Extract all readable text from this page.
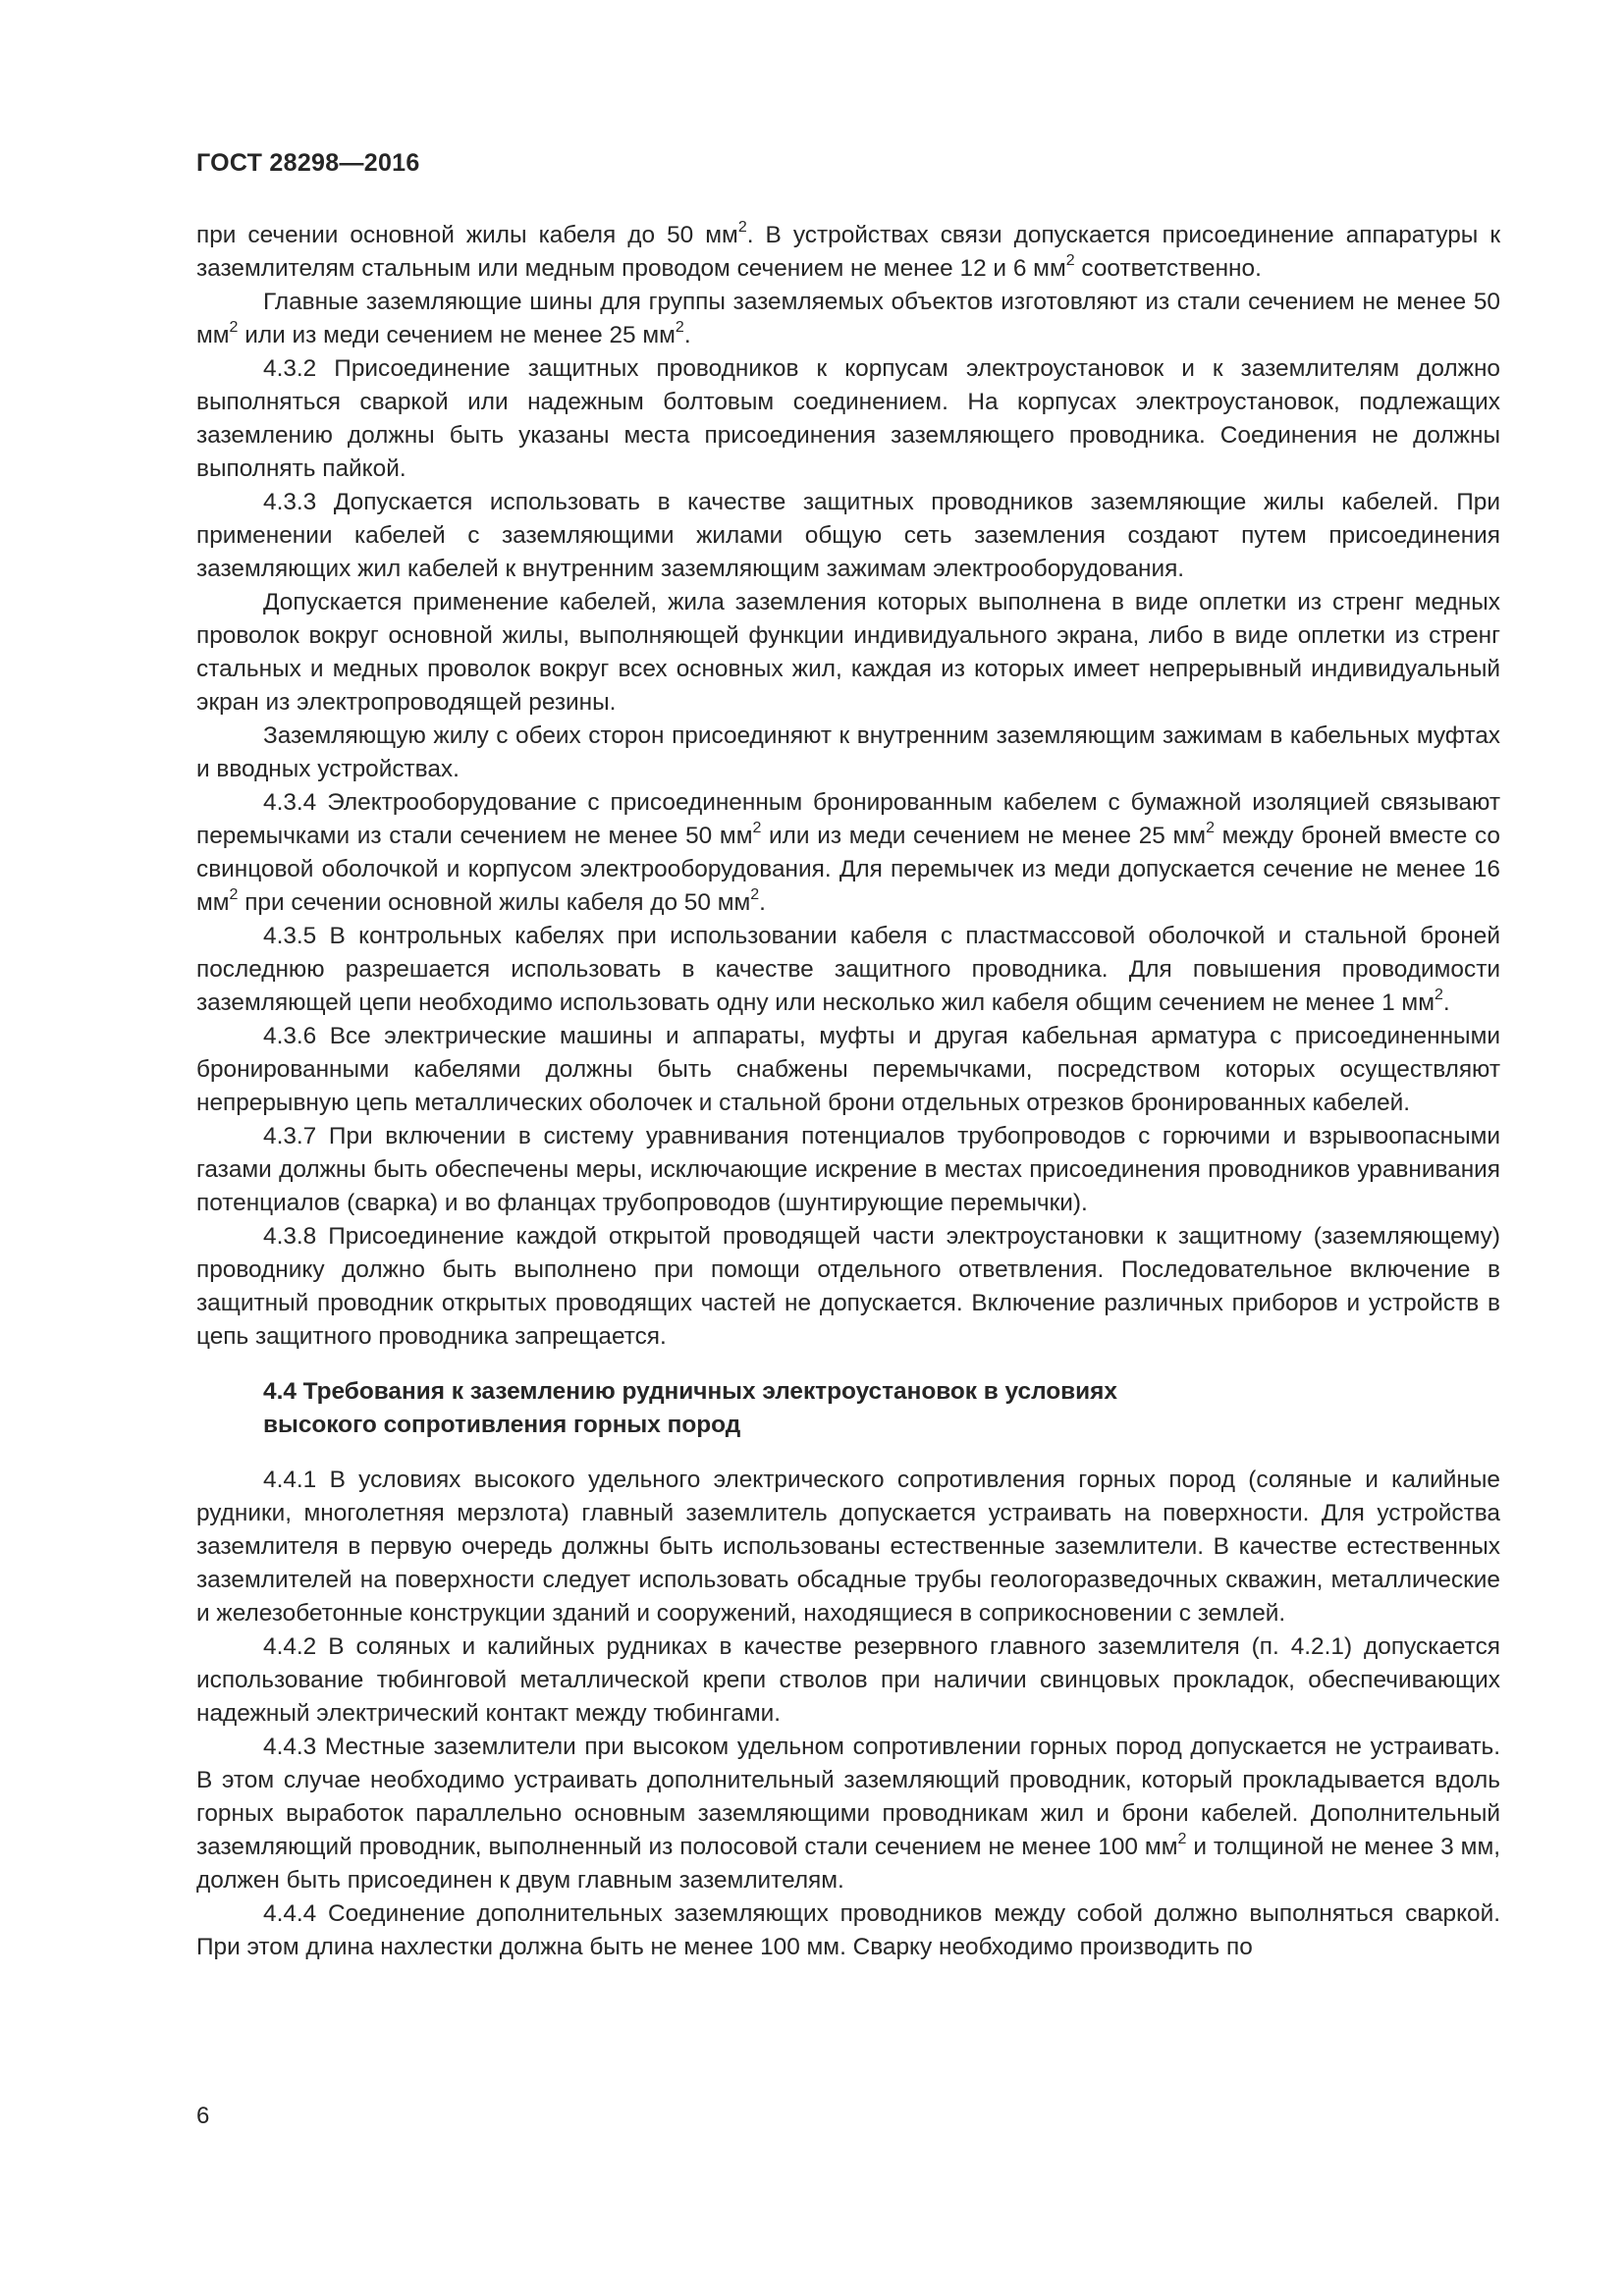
ГОСТ 28298—2016

при сечении основной жилы кабеля до 50 $мм^2$. В устройствах связи допускается присоединение аппаратуры к заземлителям стальным или медным проводом сечением не менее 12 и 6 $мм^2$ соответственно.

Главные заземляющие шины для группы заземляемых объектов изготовляют из стали сечением не менее 50 $мм^2$ или из меди сечением не менее 25 $мм^2$.

4.3.2 Присоединение защитных проводников к корпусам электроустановок и к заземлителям должно выполняться сваркой или надежным болтовым соединением. На корпусах электроустановок, подлежащих заземлению должны быть указаны места присоединения заземляющего проводника. Соединения не должны выполнять пайкой.

4.3.3 Допускается использовать в качестве защитных проводников заземляющие жилы кабелей. При применении кабелей с заземляющими жилами общую сеть заземления создают путем присоединения заземляющих жил кабелей к внутренним заземляющим зажимам электрооборудования.

Допускается применение кабелей, жила заземления которых выполнена в виде оплетки из стренг медных проволок вокруг основной жилы, выполняющей функции индивидуального экрана, либо в виде оплетки из стренг стальных и медных проволок вокруг всех основных жил, каждая из которых имеет непрерывный индивидуальный экран из электропроводящей резины.

Заземляющую жилу с обеих сторон присоединяют к внутренним заземляющим зажимам в кабельных муфтах и вводных устройствах.

4.3.4 Электрооборудование с присоединенным бронированным кабелем с бумажной изоляцией связывают перемычками из стали сечением не менее 50 $мм^2$ или из меди сечением не менее 25 $мм^2$ между броней вместе со свинцовой оболочкой и корпусом электрооборудования. Для перемычек из меди допускается сечение не менее 16 $мм^2$ при сечении основной жилы кабеля до 50 $мм^2$.

4.3.5 В контрольных кабелях при использовании кабеля с пластмассовой оболочкой и стальной броней последнюю разрешается использовать в качестве защитного проводника. Для повышения проводимости заземляющей цепи необходимо использовать одну или несколько жил кабеля общим сечением не менее 1 $мм^2$.

4.3.6 Все электрические машины и аппараты, муфты и другая кабельная арматура с присоединенными бронированными кабелями должны быть снабжены перемычками, посредством которых осуществляют непрерывную цепь металлических оболочек и стальной брони отдельных отрезков бронированных кабелей.

4.3.7 При включении в систему уравнивания потенциалов трубопроводов с горючими и взрывоопасными газами должны быть обеспечены меры, исключающие искрение в местах присоединения проводников уравнивания потенциалов (сварка) и во фланцах трубопроводов (шунтирующие перемычки).

4.3.8 Присоединение каждой открытой проводящей части электроустановки к защитному (заземляющему) проводнику должно быть выполнено при помощи отдельного ответвления. Последовательное включение в защитный проводник открытых проводящих частей не допускается. Включение различных приборов и устройств в цепь защитного проводника запрещается.

4.4 Требования к заземлению рудничных электроустановок в условиях
высокого сопротивления горных пород

4.4.1 В условиях высокого удельного электрического сопротивления горных пород (соляные и калийные рудники, многолетняя мерзлота) главный заземлитель допускается устраивать на поверхности. Для устройства заземлителя в первую очередь должны быть использованы естественные заземлители. В качестве естественных заземлителей на поверхности следует использовать обсадные трубы геологоразведочных скважин, металлические и железобетонные конструкции зданий и сооружений, находящиеся в соприкосновении с землей.

4.4.2 В соляных и калийных рудниках в качестве резервного главного заземлителя (п. 4.2.1) допускается использование тюбинговой металлической крепи стволов при наличии свинцовых прокладок, обеспечивающих надежный электрический контакт между тюбингами.

4.4.3 Местные заземлители при высоком удельном сопротивлении горных пород допускается не устраивать. В этом случае необходимо устраивать дополнительный заземляющий проводник, который прокладывается вдоль горных выработок параллельно основным заземляющими проводникам жил и брони кабелей. Дополнительный заземляющий проводник, выполненный из полосовой стали сечением не менее 100 $мм^2$ и толщиной не менее 3 мм, должен быть присоединен к двум главным заземлителям.

4.4.4 Соединение дополнительных заземляющих проводников между собой должно выполняться сваркой. При этом длина нахлестки должна быть не менее 100 мм. Сварку необходимо производить по

6
